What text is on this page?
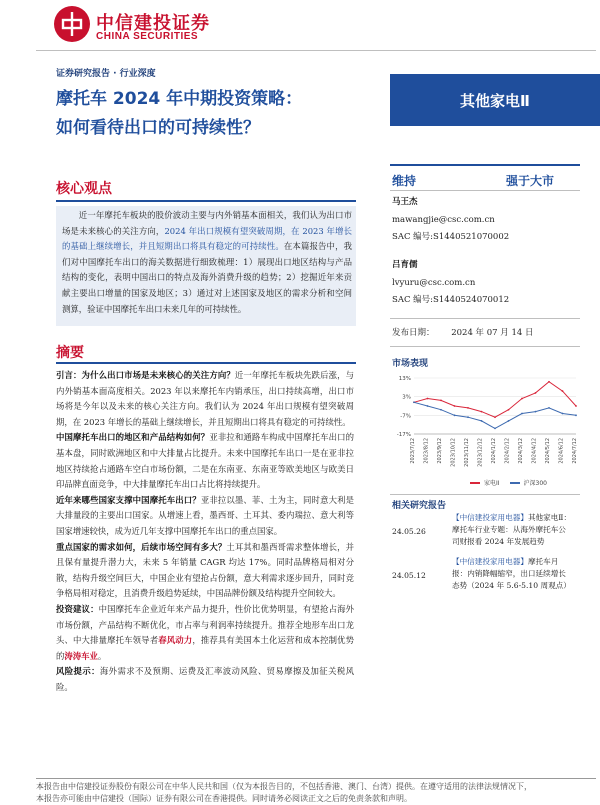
中信建投证券
CHINA SECURITIES
证券研究报告 · 行业深度
摩托车 2024 年中期投资策略：
如何看待出口的可持续性？
其他家电Ⅱ
核心观点

近一年摩托车板块的股价波动主要与内外销基本面相关，我们认为出口市场是未来核心的关注方向，2024 年出口规模有望突破周期，在 2023 年增长的基础上继续增长，并且短期出口将具有稳定的可持续性。在本篇报告中，我们对中国摩托车出口的海关数据进行细致梳理：1）展现出口地区结构与产品结构的变化，表明中国出口的特点及海外消费升级的趋势；2）挖掘近年来贡献主要出口增量的国家及地区；3）通过对上述国家及地区的需求分析和空间测算，验证中国摩托车出口未来几年的可持续性。

摘要

引言：为什么出口市场是未来核心的关注方向？近一年摩托车板块先跌后涨，与内外销基本面高度相关。2023 年以来摩托车内销承压，出口持续高增，出口市场将是今年以及未来的核心关注方向。我们认为 2024 年出口规模有望突破周期，在 2023 年增长的基础上继续增长，并且短期出口将具有稳定的可持续性。

中国摩托车出口的地区和产品结构如何？亚非拉和通路车构成中国摩托车出口的基本盘，同时欧洲地区和中大排量占比提升。未来中国摩托车出口一是在亚非拉地区持续抢占通路车空白市场份额，二是在东南亚、东南亚等欧美地区与欧美日印品牌直面竞争，中大排量摩托车出口占比将持续提升。

近年来哪些国家支撑中国摩托车出口？亚非拉以墨、菲、土为主，同时意大利是大排量段的主要出口国家。从增速上看，墨西哥、土耳其、委内瑞拉、意大利等国家增速较快，成为近几年支撑中国摩托车出口的重点国家。

重点国家的需求如何，后续市场空间有多大？土耳其和墨西哥需求整体增长，并且保有量提升潜力大，未来 5 年销量 CAGR 均达 17%。同时品牌格局相对分散，结构升级空间巨大，中国企业有望抢占份额，意大利需求逐步回升，同时竞争格局相对稳定，且消费升级趋势延续，中国品牌份额及结构提升空间较大。

投资建议：中国摩托车企业近年来产品力提升，性价比优势明显，有望抢占海外市场份额，产品结构不断优化，市占率与利润率持续提升。推荐全地形车出口龙头、中大排量摩托车领导者春风动力，推荐具有美国本土化运营和成本控制优势的涛涛车业。

风险提示：海外需求不及预期、运费及汇率波动风险、贸易摩擦及加征关税风险。

维持	强于大市
马王杰
mawangjie@csc.com.cn
SAC 编号:S1440521070002
吕育儒
lvyuru@csc.com.cn
SAC 编号:S1440524070012
发布日期： 2024 年 07 月 14 日
市场表现
13%
3%
-7%
-17%
2023/7/12 2023/8/12 2023/9/12 2023/10/12 2023/11/12 2023/12/12 2024/1/12 2024/2/12 2024/3/12 2024/4/12 2024/5/12 2024/6/12 2024/7/12
家电II	沪深300
相关研究报告
24.05.26
【中信建投家用电器】其他家电Ⅱ：摩托车行业专题：从海外摩托车公司财报看 2024 年发展趋势
24.05.12
【中信建投家用电器】摩托车月报：内销降幅缩窄，出口延续增长态势（2024 年 5.6-5.10 周观点）
本报告由中信建投证券股份有限公司在中华人民共和国（仅为本报告目的，不包括香港、澳门、台湾）提供。在遵守适用的法律法规情况下，
本报告亦可能由中信建投（国际）证券有限公司在香港提供。同时请务必阅读正文之后的免责条款和声明。
